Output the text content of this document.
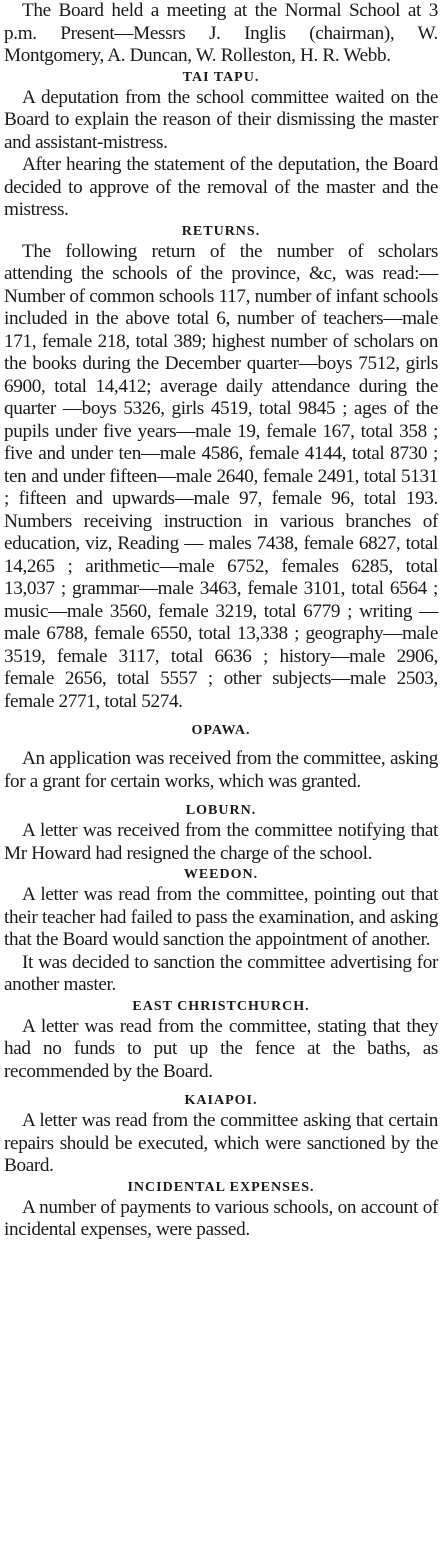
The Board held a meeting at the Normal School at 3 p.m. Present—Messrs J. Inglis (chairman), W. Montgomery, A. Duncan, W. Rolleston, H. R. Webb.

TAI TAPU.

A deputation from the school committee waited on the Board to explain the reason of their dismissing the master and assistant-mistress.

After hearing the statement of the deputation, the Board decided to approve of the removal of the master and the mistress.

RETURNS.

The following return of the number of scholars attending the schools of the province, &c, was read:—Number of common schools 117, number of infant schools included in the above total 6, number of teachers—male 171, female 218, total 389; highest number of scholars on the books during the December quarter—boys 7512, girls 6900, total 14,412; average daily attendance during the quarter —boys 5326, girls 4519, total 9845 ; ages of the pupils under five years—male 19, female 167, total 358 ; five and under ten—male 4586, female 4144, total 8730 ; ten and under fifteen—male 2640, female 2491, total 5131 ; fifteen and upwards—male 97, female 96, total 193. Numbers receiving instruction in various branches of education, viz, Reading — males 7438, female 6827, total 14,265 ; arithmetic—male 6752, females 6285, total 13,037 ; grammar—male 3463, female 3101, total 6564 ; music—male 3560, female 3219, total 6779 ; writing —male 6788, female 6550, total 13,338 ; geography—male 3519, female 3117, total 6636 ; history—male 2906, female 2656, total 5557 ; other subjects—male 2503, female 2771, total 5274.

OPAWA.

An application was received from the committee, asking for a grant for certain works, which was granted.

LOBURN.

A letter was received from the committee notifying that Mr Howard had resigned the charge of the school.

WEEDON.

A letter was read from the committee, pointing out that their teacher had failed to pass the examination, and asking that the Board would sanction the appointment of another.

It was decided to sanction the committee advertising for another master.

EAST CHRISTCHURCH.

A letter was read from the committee, stating that they had no funds to put up the fence at the baths, as recommended by the Board.

KAIAPOI.

A letter was read from the committee asking that certain repairs should be executed, which were sanctioned by the Board.

INCIDENTAL EXPENSES.

A number of payments to various schools, on account of incidental expenses, were passed.
